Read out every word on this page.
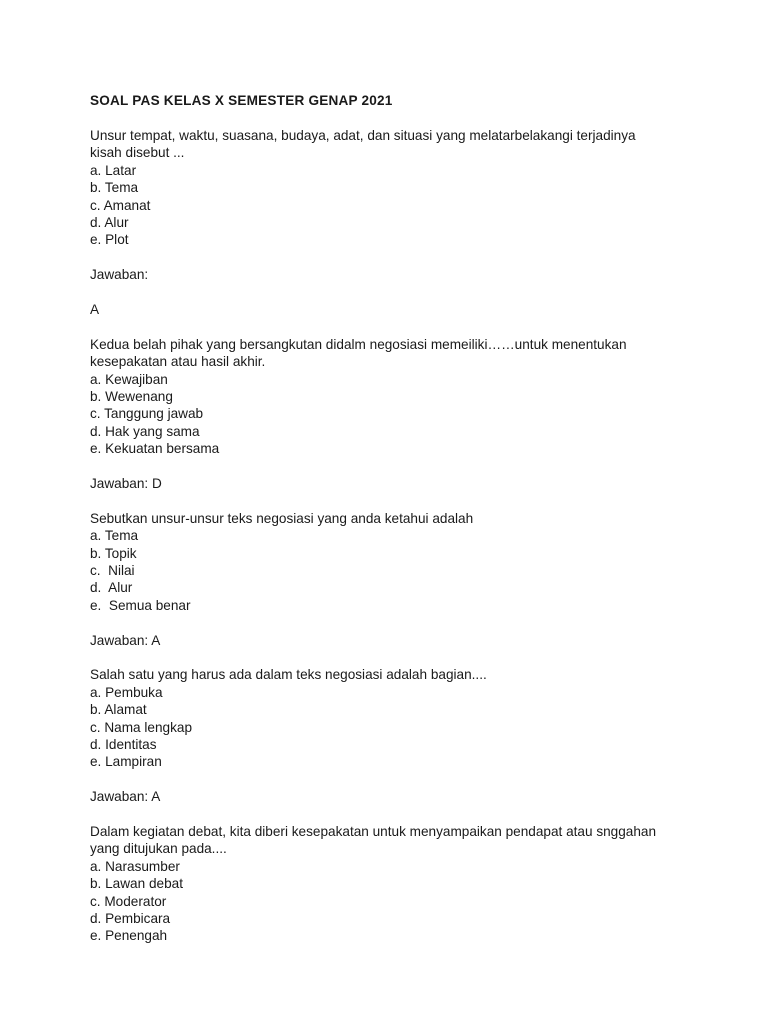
SOAL PAS KELAS X SEMESTER GENAP 2021

Unsur tempat, waktu, suasana, budaya, adat, dan situasi yang melatarbelakangi terjadinya

kisah disebut ...

a. Latar
b. Tema
c. Amanat
d. Alur
e. Plot

Jawaban:

A

Kedua belah pihak yang bersangkutan didalm negosiasi memeiliki……untuk menentukan

kesepakatan atau hasil akhir.

a. Kewajiban
b. Wewenang
c. Tanggung jawab
d. Hak yang sama
e. Kekuatan bersama

Jawaban: D

Sebutkan unsur-unsur teks negosiasi yang anda ketahui adalah

a. Tema
b. Topik
c.  Nilai
d.  Alur
e.  Semua benar

Jawaban: A

Salah satu yang harus ada dalam teks negosiasi adalah bagian....

a. Pembuka
b. Alamat
c. Nama lengkap
d. Identitas
e. Lampiran

Jawaban: A

Dalam kegiatan debat, kita diberi kesepakatan untuk menyampaikan pendapat atau snggahan

yang ditujukan pada....

a. Narasumber
b. Lawan debat
c. Moderator
d. Pembicara
e. Penengah
